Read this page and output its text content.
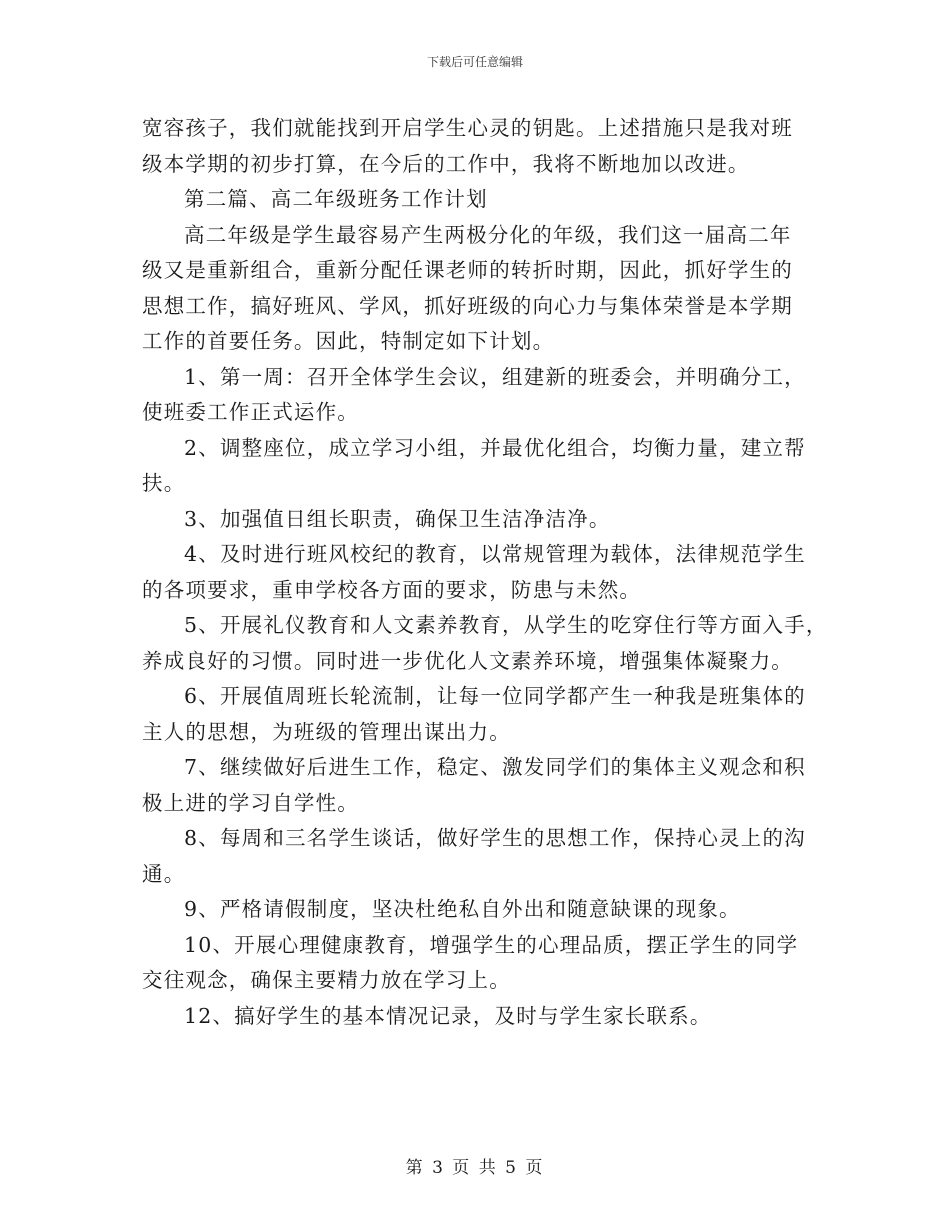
下载后可任意编辑
宽容孩子，我们就能找到开启学生心灵的钥匙。上述措施只是我对班
级本学期的初步打算，在今后的工作中，我将不断地加以改进。
第二篇、高二年级班务工作计划
高二年级是学生最容易产生两极分化的年级，我们这一届高二年
级又是重新组合，重新分配任课老师的转折时期，因此，抓好学生的
思想工作，搞好班风、学风，抓好班级的向心力与集体荣誉是本学期
工作的首要任务。因此，特制定如下计划。
1、第一周：召开全体学生会议，组建新的班委会，并明确分工，
使班委工作正式运作。
2、调整座位，成立学习小组，并最优化组合，均衡力量，建立帮
扶。
3、加强值日组长职责，确保卫生洁净洁净。
4、及时进行班风校纪的教育，以常规管理为载体，法律规范学生
的各项要求，重申学校各方面的要求，防患与未然。
5、开展礼仪教育和人文素养教育，从学生的吃穿住行等方面入手，
养成良好的习惯。同时进一步优化人文素养环境，增强集体凝聚力。
6、开展值周班长轮流制，让每一位同学都产生一种我是班集体的
主人的思想，为班级的管理出谋出力。
7、继续做好后进生工作，稳定、激发同学们的集体主义观念和积
极上进的学习自学性。
8、每周和三名学生谈话，做好学生的思想工作，保持心灵上的沟
通。
9、严格请假制度，坚决杜绝私自外出和随意缺课的现象。
10、开展心理健康教育，增强学生的心理品质，摆正学生的同学
交往观念，确保主要精力放在学习上。
12、搞好学生的基本情况记录，及时与学生家长联系。
第 3 页 共 5 页
